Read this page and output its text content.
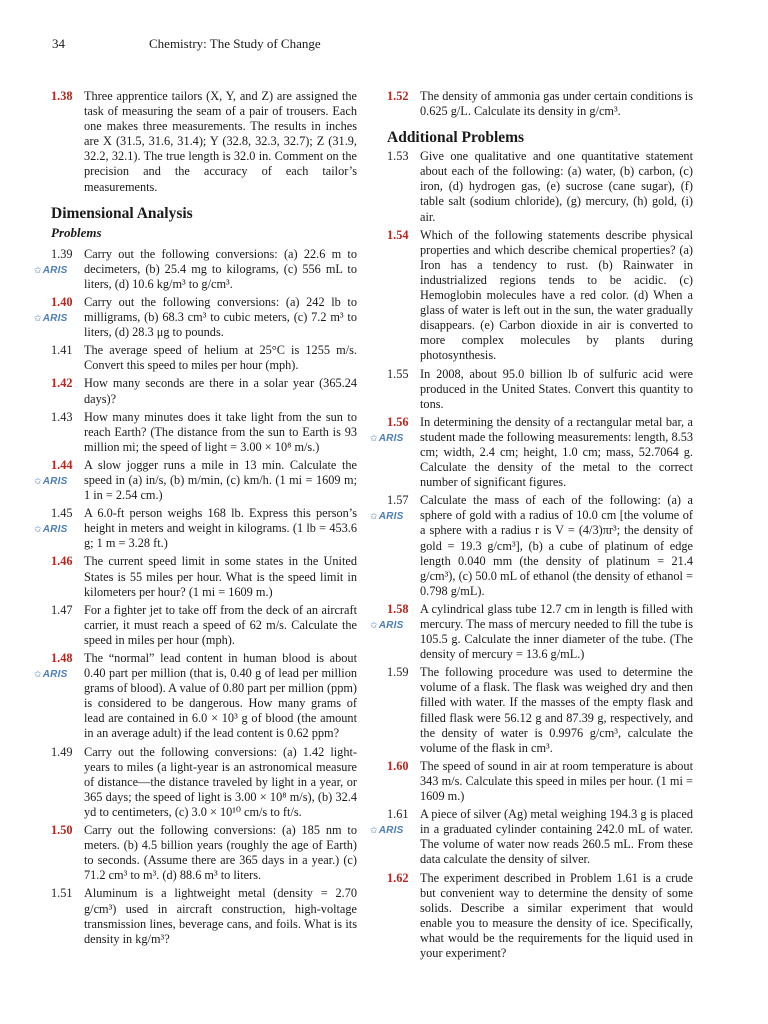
34	Chemistry: The Study of Change
1.38 Three apprentice tailors (X, Y, and Z) are assigned the task of measuring the seam of a pair of trousers. Each one makes three measurements. The results in inches are X (31.5, 31.6, 31.4); Y (32.8, 32.3, 32.7); Z (31.9, 32.2, 32.1). The true length is 32.0 in. Comment on the precision and the accuracy of each tailor’s measurements.
Dimensional Analysis
Problems
1.39
✩ARIS
Carry out the following conversions: (a) 22.6 m to decimeters, (b) 25.4 mg to kilograms, (c) 556 mL to liters, (d) 10.6 kg/m³ to g/cm³.
1.40
✩ARIS
Carry out the following conversions: (a) 242 lb to milligrams, (b) 68.3 cm³ to cubic meters, (c) 7.2 m³ to liters, (d) 28.3 μg to pounds.
1.41 The average speed of helium at 25°C is 1255 m/s. Convert this speed to miles per hour (mph).
1.42 How many seconds are there in a solar year (365.24 days)?
1.43 How many minutes does it take light from the sun to reach Earth? (The distance from the sun to Earth is 93 million mi; the speed of light = 3.00 × 10⁸ m/s.)
1.44
✩ARIS
A slow jogger runs a mile in 13 min. Calculate the speed in (a) in/s, (b) m/min, (c) km/h. (1 mi = 1609 m; 1 in = 2.54 cm.)
1.45
✩ARIS
A 6.0-ft person weighs 168 lb. Express this person’s height in meters and weight in kilograms. (1 lb = 453.6 g; 1 m = 3.28 ft.)
1.46 The current speed limit in some states in the United States is 55 miles per hour. What is the speed limit in kilometers per hour? (1 mi = 1609 m.)
1.47 For a fighter jet to take off from the deck of an aircraft carrier, it must reach a speed of 62 m/s. Calculate the speed in miles per hour (mph).
1.48
✩ARIS
The “normal” lead content in human blood is about 0.40 part per million (that is, 0.40 g of lead per million grams of blood). A value of 0.80 part per million (ppm) is considered to be dangerous. How many grams of lead are contained in 6.0 × 10³ g of blood (the amount in an average adult) if the lead content is 0.62 ppm?
1.49 Carry out the following conversions: (a) 1.42 light-years to miles (a light-year is an astronomical measure of distance—the distance traveled by light in a year, or 365 days; the speed of light is 3.00 × 10⁸ m/s), (b) 32.4 yd to centimeters, (c) 3.0 × 10¹⁰ cm/s to ft/s.
1.50 Carry out the following conversions: (a) 185 nm to meters. (b) 4.5 billion years (roughly the age of Earth) to seconds. (Assume there are 365 days in a year.) (c) 71.2 cm³ to m³. (d) 88.6 m³ to liters.
1.51 Aluminum is a lightweight metal (density = 2.70 g/cm³) used in aircraft construction, high-voltage transmission lines, beverage cans, and foils. What is its density in kg/m³?
1.52 The density of ammonia gas under certain conditions is 0.625 g/L. Calculate its density in g/cm³.
Additional Problems
1.53 Give one qualitative and one quantitative statement about each of the following: (a) water, (b) carbon, (c) iron, (d) hydrogen gas, (e) sucrose (cane sugar), (f) table salt (sodium chloride), (g) mercury, (h) gold, (i) air.
1.54 Which of the following statements describe physical properties and which describe chemical properties? (a) Iron has a tendency to rust. (b) Rainwater in industrialized regions tends to be acidic. (c) Hemoglobin molecules have a red color. (d) When a glass of water is left out in the sun, the water gradually disappears. (e) Carbon dioxide in air is converted to more complex molecules by plants during photosynthesis.
1.55 In 2008, about 95.0 billion lb of sulfuric acid were produced in the United States. Convert this quantity to tons.
1.56
✩ARIS
In determining the density of a rectangular metal bar, a student made the following measurements: length, 8.53 cm; width, 2.4 cm; height, 1.0 cm; mass, 52.7064 g. Calculate the density of the metal to the correct number of significant figures.
1.57
✩ARIS
Calculate the mass of each of the following: (a) a sphere of gold with a radius of 10.0 cm [the volume of a sphere with a radius r is V = (4/3)πr³; the density of gold = 19.3 g/cm³], (b) a cube of platinum of edge length 0.040 mm (the density of platinum = 21.4 g/cm³), (c) 50.0 mL of ethanol (the density of ethanol = 0.798 g/mL).
1.58
✩ARIS
A cylindrical glass tube 12.7 cm in length is filled with mercury. The mass of mercury needed to fill the tube is 105.5 g. Calculate the inner diameter of the tube. (The density of mercury = 13.6 g/mL.)
1.59 The following procedure was used to determine the volume of a flask. The flask was weighed dry and then filled with water. If the masses of the empty flask and filled flask were 56.12 g and 87.39 g, respectively, and the density of water is 0.9976 g/cm³, calculate the volume of the flask in cm³.
1.60 The speed of sound in air at room temperature is about 343 m/s. Calculate this speed in miles per hour. (1 mi = 1609 m.)
1.61
✩ARIS
A piece of silver (Ag) metal weighing 194.3 g is placed in a graduated cylinder containing 242.0 mL of water. The volume of water now reads 260.5 mL. From these data calculate the density of silver.
1.62 The experiment described in Problem 1.61 is a crude but convenient way to determine the density of some solids. Describe a similar experiment that would enable you to measure the density of ice. Specifically, what would be the requirements for the liquid used in your experiment?
